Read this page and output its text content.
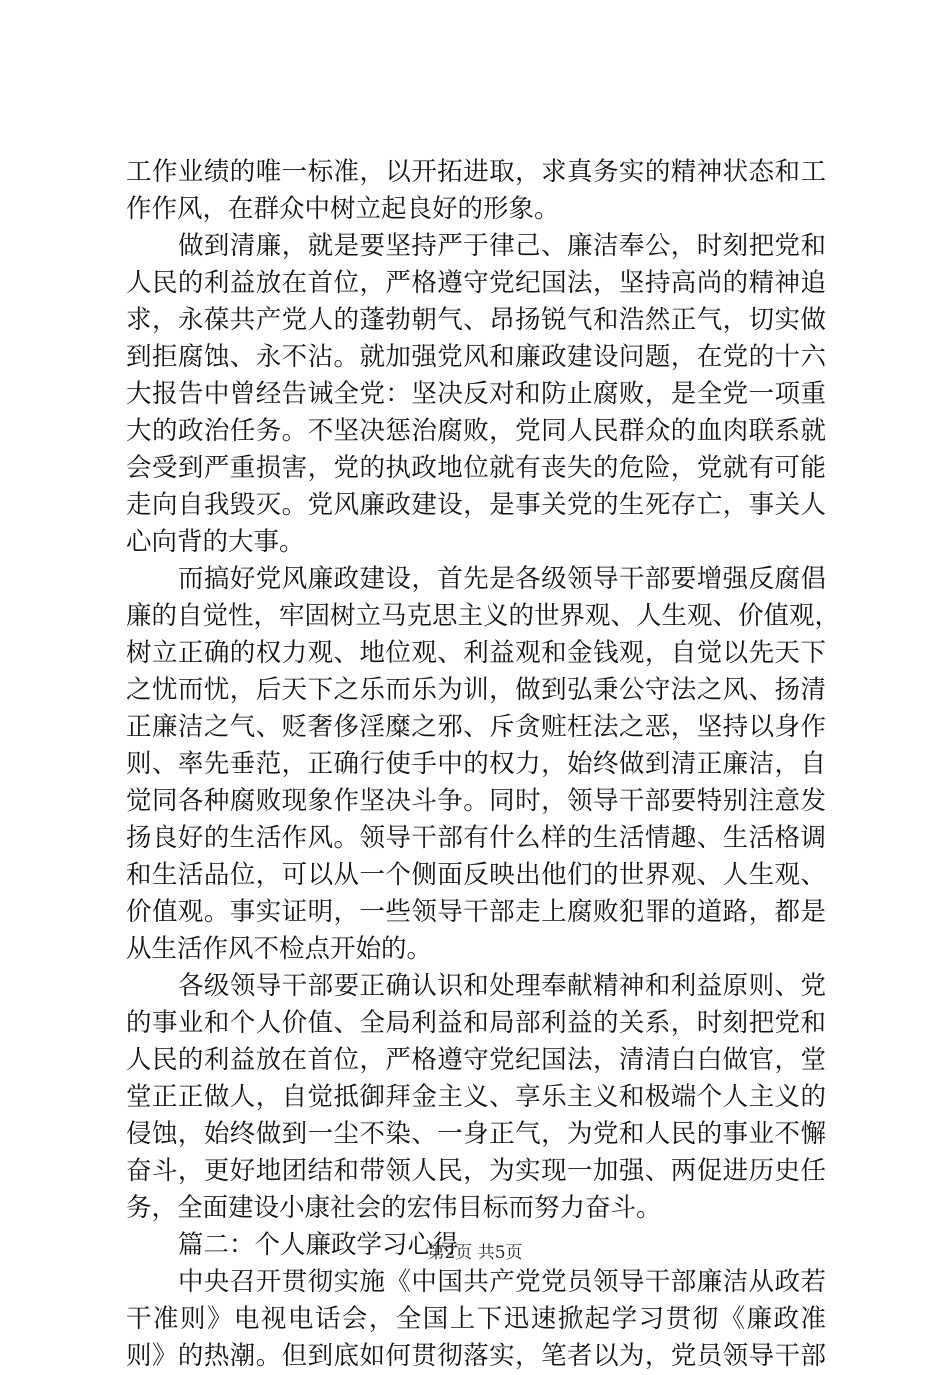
工作业绩的唯一标准，以开拓进取，求真务实的精神状态和工
作作风，在群众中树立起良好的形象。
做到清廉，就是要坚持严于律己、廉洁奉公，时刻把党和
人民的利益放在首位，严格遵守党纪国法，坚持高尚的精神追
求，永葆共产党人的蓬勃朝气、昂扬锐气和浩然正气，切实做
到拒腐蚀、永不沾。就加强党风和廉政建设问题，在党的十六
大报告中曾经告诫全党：坚决反对和防止腐败，是全党一项重
大的政治任务。不坚决惩治腐败，党同人民群众的血肉联系就
会受到严重损害，党的执政地位就有丧失的危险，党就有可能
走向自我毁灭。党风廉政建设，是事关党的生死存亡，事关人
心向背的大事。
而搞好党风廉政建设，首先是各级领导干部要增强反腐倡
廉的自觉性，牢固树立马克思主义的世界观、人生观、价值观，
树立正确的权力观、地位观、利益观和金钱观，自觉以先天下
之忧而忧，后天下之乐而乐为训，做到弘秉公守法之风、扬清
正廉洁之气、贬奢侈淫糜之邪、斥贪赃枉法之恶，坚持以身作
则、率先垂范，正确行使手中的权力，始终做到清正廉洁，自
觉同各种腐败现象作坚决斗争。同时，领导干部要特别注意发
扬良好的生活作风。领导干部有什么样的生活情趣、生活格调
和生活品位，可以从一个侧面反映出他们的世界观、人生观、
价值观。事实证明，一些领导干部走上腐败犯罪的道路，都是
从生活作风不检点开始的。
各级领导干部要正确认识和处理奉献精神和利益原则、党
的事业和个人价值、全局利益和局部利益的关系，时刻把党和
人民的利益放在首位，严格遵守党纪国法，清清白白做官，堂
堂正正做人，自觉抵御拜金主义、享乐主义和极端个人主义的
侵蚀，始终做到一尘不染、一身正气，为党和人民的事业不懈
奋斗，更好地团结和带领人民，为实现一加强、两促进历史任
务，全面建设小康社会的宏伟目标而努力奋斗。
篇二：个人廉政学习心得
中央召开贯彻实施《中国共产党党员领导干部廉洁从政若
干准则》电视电话会，全国上下迅速掀起学习贯彻《廉政准
则》的热潮。但到底如何贯彻落实，笔者以为，党员领导干部
第2页 共5页
